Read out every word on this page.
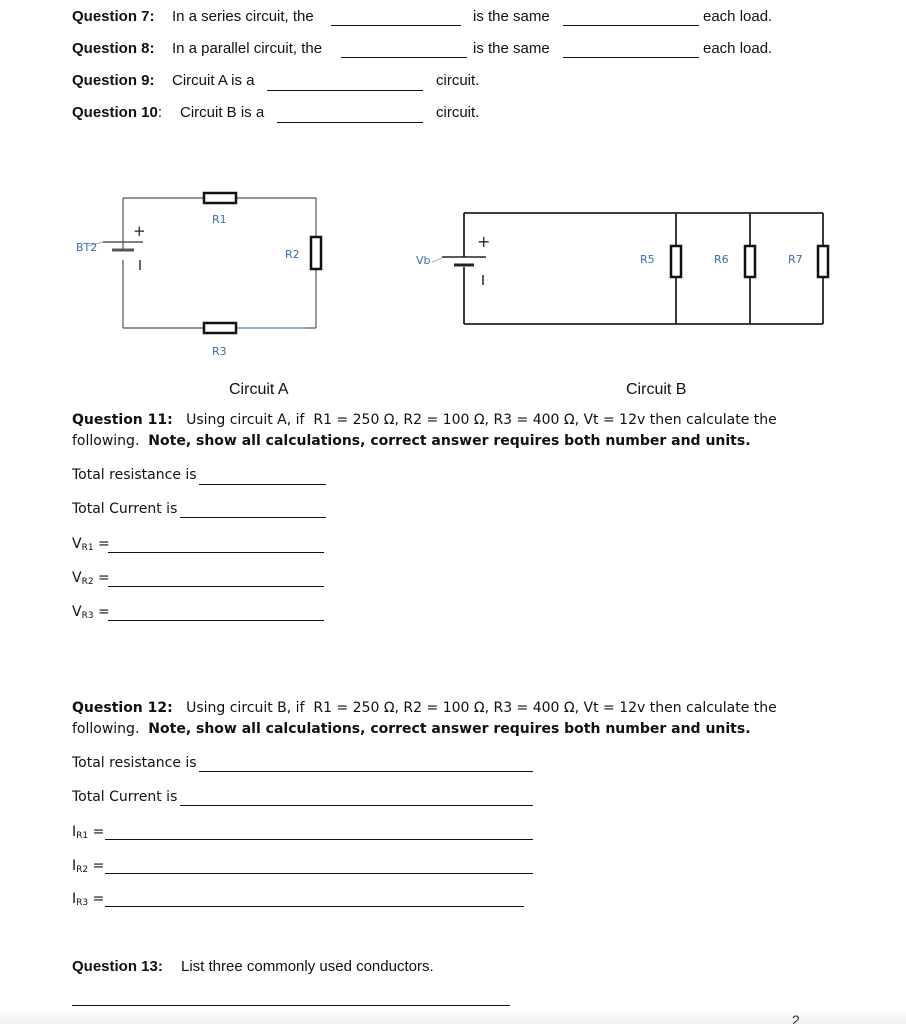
Question 7: In a series circuit, the	is the same	each load.
Question 8: In a parallel circuit, the	is the same	each load.
Question 9: Circuit A is a	circuit.
Question 10: Circuit B is a	circuit.
R1
R2
R3
BT2
+
Vb
+
R5	R6	R7
Circuit A	Circuit B
Question 11: Using circuit A, if  R1 = 250 Ω, R2 = 100 Ω, R3 = 400 Ω, Vt = 12v then calculate the
following. Note, show all calculations, correct answer requires both number and units.
Total resistance is
Total Current is
$V_{R1}$ =
$V_{R2}$ =
$V_{R3}$ =
Question 12: Using circuit B, if  R1 = 250 Ω, R2 = 100 Ω, R3 = 400 Ω, Vt = 12v then calculate the
following. Note, show all calculations, correct answer requires both number and units.
Total resistance is
Total Current is
$I_{R1}$ =
$I_{R2}$ =
$I_{R3}$ =
Question 13: List three commonly used conductors.
2
